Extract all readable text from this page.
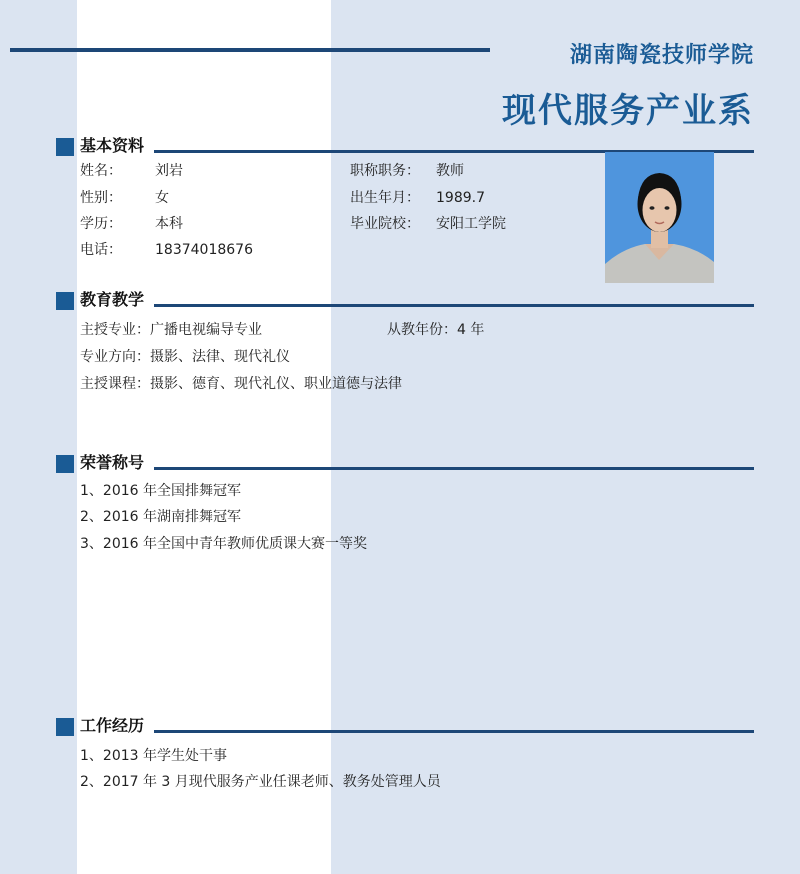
湖南陶瓷技师学院
现代服务产业系
基本资料
姓名： 刘岩
性别： 女
学历： 本科
电话： 18374018676
职称职务： 教师
出生年月： 1989.7
毕业院校： 安阳工学院
教育教学
主授专业：广播电视编导专业	从教年份：4 年
专业方向：摄影、法律、现代礼仪
主授课程：摄影、德育、现代礼仪、职业道德与法律
荣誉称号
1、2016 年全国排舞冠军
2、2016 年湖南排舞冠军
3、2016 年全国中青年教师优质课大赛一等奖
工作经历
1、2013 年学生处干事
2、2017 年 3 月现代服务产业任课老师、教务处管理人员
